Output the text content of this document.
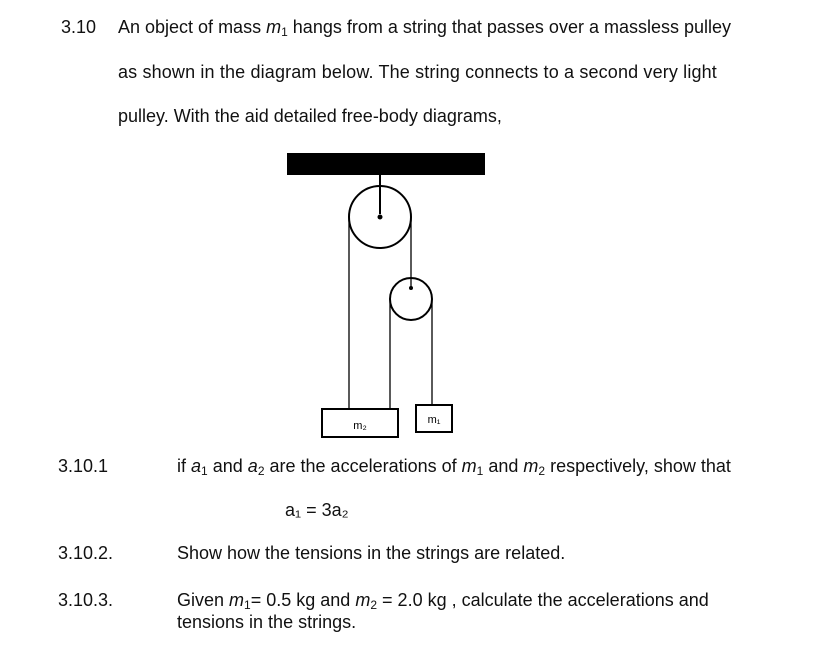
3.10 An object of mass $m_1$ hangs from a string that passes over a massless pulley
as shown in the diagram below. The string connects to a second very light
pulley. With the aid detailed free-body diagrams,
m₂	m₁
3.10.1	if $a_1$ and $a_2$ are the accelerations of $m_1$ and $m_2$ respectively, show that
a₁ = 3a₂
3.10.2.	Show how the tensions in the strings are related.
3.10.3.	Given $m_1= 0.5$ kg and $m_2 = 2.0$ kg , calculate the accelerations and
tensions in the strings.
